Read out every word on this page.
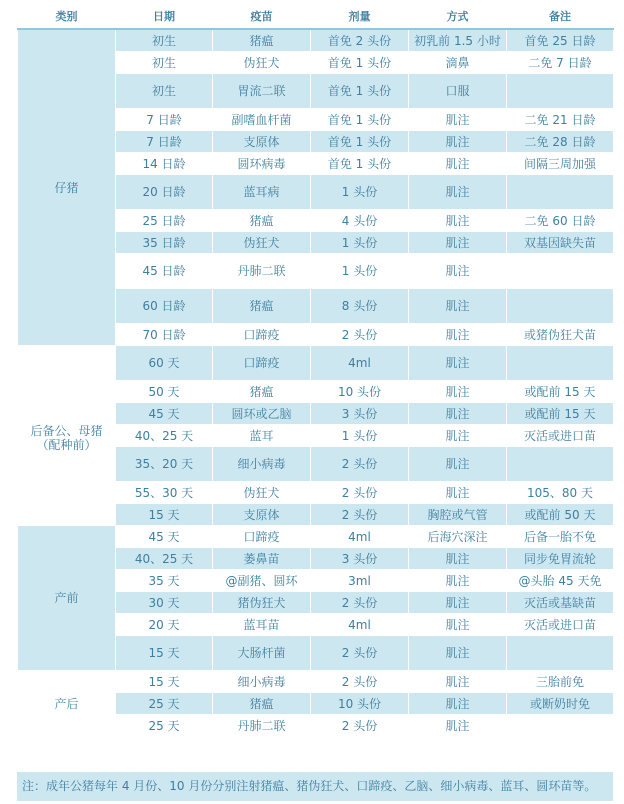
类别	日期	疫苗	剂量	方式	备注
仔猪	初生	猪瘟	首免 2 头份	初乳前 1.5 小时	首免 25 日龄
	初生	伪狂犬	首免 1 头份	滴鼻	二免 7 日龄
	初生	胃流二联	首免 1 头份	口服	
	7 日龄	副嗜血杆菌	首免 1 头份	肌注	二免 21 日龄
	7 日龄	支原体	首免 1 头份	肌注	二免 28 日龄
	14 日龄	圆环病毒	首免 1 头份	肌注	间隔三周加强
	20 日龄	蓝耳病	1 头份	肌注	
	25 日龄	猪瘟	4 头份	肌注	二免 60 日龄
	35 日龄	伪狂犬	1 头份	肌注	双基因缺失苗
	45 日龄	丹肺二联	1 头份	肌注	
	60 日龄	猪瘟	8 头份	肌注	
	70 日龄	口蹄疫	2 头份	肌注	或猪伪狂犬苗
后备公、母猪（配种前）	60 天	口蹄疫	4ml	肌注	
	50 天	猪瘟	10 头份	肌注	或配前 15 天
	45 天	圆环或乙脑	3 头份	肌注	或配前 15 天
	40、25 天	蓝耳	1 头份	肌注	灭活或进口苗
	35、20 天	细小病毒	2 头份	肌注	
	55、30 天	伪狂犬	2 头份	肌注	105、80 天
	15 天	支原体	2 头份	胸腔或气管	或配前 50 天
产前	45 天	口蹄疫	4ml	后海穴深注	后备一胎不免
	40、25 天	萎鼻苗	3 头份	肌注	同步免胃流轮
	35 天	@副猪、圆环	3ml	肌注	@头胎 45 天免
	30 天	猪伪狂犬	2 头份	肌注	灭活或基缺苗
	20 天	蓝耳苗	4ml	肌注	灭活或进口苗
	15 天	大肠杆菌	2 头份	肌注	
产后	15 天	细小病毒	2 头份	肌注	三胎前免
	25 天	猪瘟	10 头份	肌注	或断奶时免
	25 天	丹肺二联	2 头份	肌注	
注：成年公猪每年 4 月份、10 月份分别注射猪瘟、猪伪狂犬、口蹄疫、乙脑、细小病毒、蓝耳、圆环苗等。
